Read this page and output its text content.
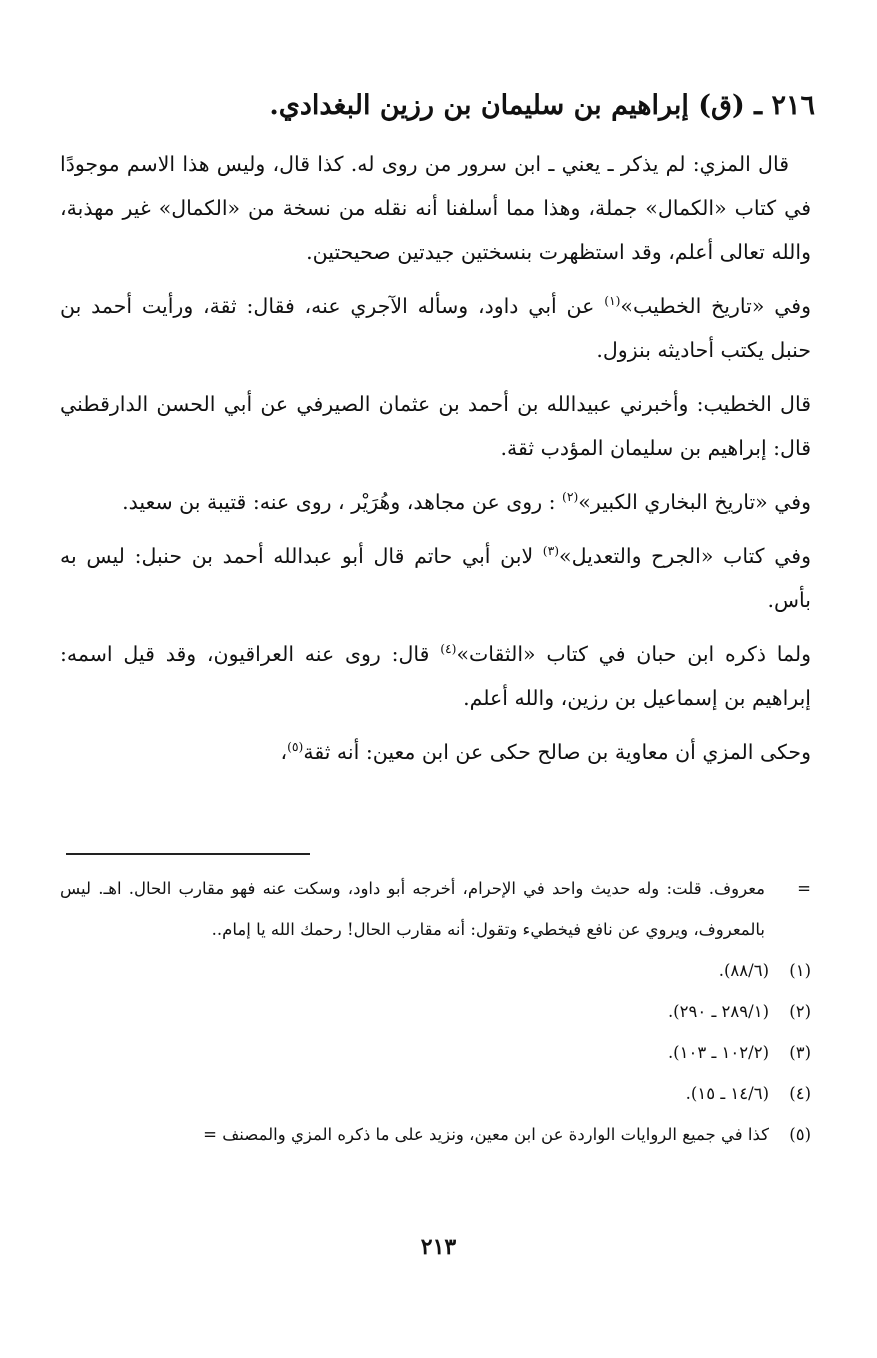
٢١٦ ـ (ق) إبراهيم بن سليمان بن رزين البغدادي.

قال المزي: لم يذكر ـ يعني ـ ابن سرور من روى له. كذا قال، وليس هذا الاسم موجودًا في كتاب «الكمال» جملة، وهذا مما أسلفنا أنه نقله من نسخة من «الكمال» غير مهذبة، والله تعالى أعلم، وقد استظهرت بنسختين جيدتين صحيحتين.

وفي «تاريخ الخطيب»$^{(١)}$ عن أبي داود، وسأله الآجري عنه، فقال: ثقة، ورأيت أحمد بن حنبل يكتب أحاديثه بنزول.

قال الخطيب: وأخبرني عبيدالله بن أحمد بن عثمان الصيرفي عن أبي الحسن الدارقطني قال: إبراهيم بن سليمان المؤدب ثقة.

وفي «تاريخ البخاري الكبير»$^{(٢)}$ : روى عن مجاهد، وهُرَيْر ، روى عنه: قتيبة بن سعيد.

وفي كتاب «الجرح والتعديل»$^{(٣)}$ لابن أبي حاتم قال أبو عبدالله أحمد بن حنبل: ليس به بأس.

ولما ذكره ابن حبان في كتاب «الثقات»$^{(٤)}$ قال: روى عنه العراقيون، وقد قيل اسمه: إبراهيم بن إسماعيل بن رزين، والله أعلم.

وحكى المزي أن معاوية بن صالح حكى عن ابن معين: أنه ثقة$^{(٥)}$،

=
معروف. قلت: وله حديث واحد في الإحرام، أخرجه أبو داود، وسكت عنه فهو مقارب الحال. اهـ. ليس بالمعروف، ويروي عن نافع فيخطيء وتقول: أنه مقارب الحال! رحمك الله يا إمام..
(١)(٨٨/٦).
(٢)(٢٨٩/١ ـ ٢٩٠).
(٣)(١٠٢/٢ ـ ١٠٣).
(٤)(١٤/٦ ـ ١٥).
(٥)كذا في جميع الروايات الواردة عن ابن معين، ونزيد على ما ذكره المزي والمصنف =
٢١٣
